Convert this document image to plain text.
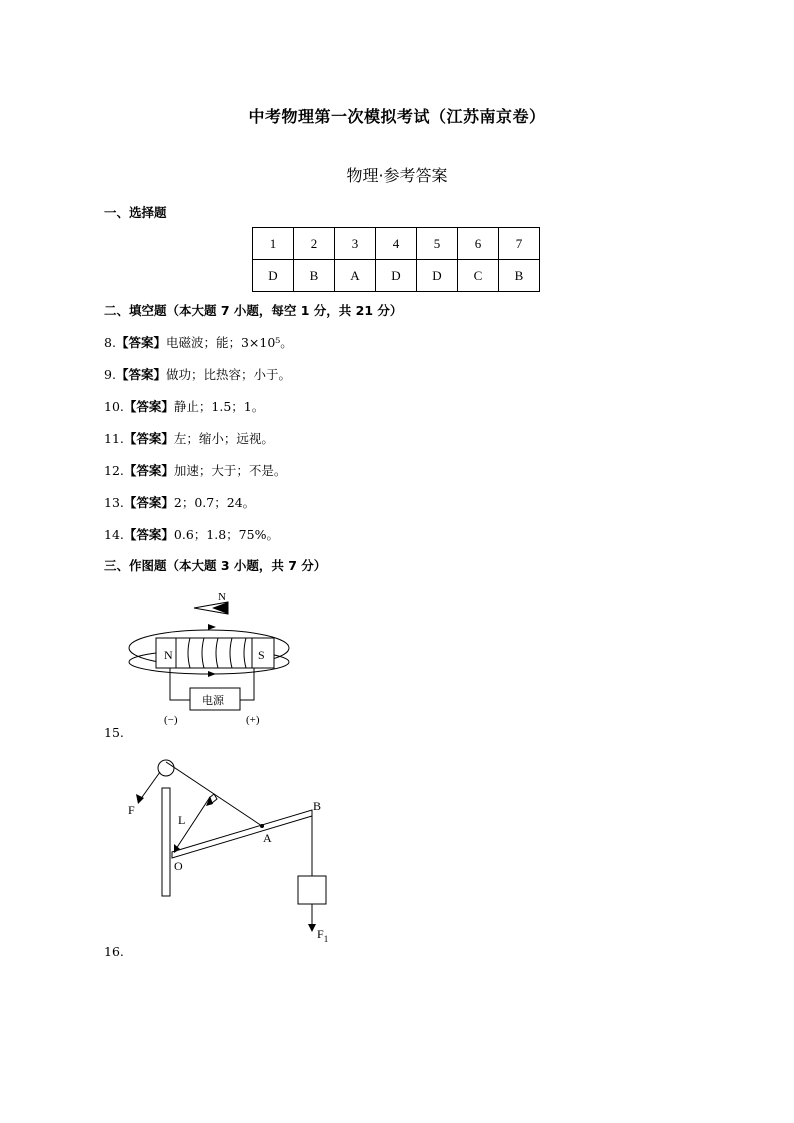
中考物理第一次模拟考试（江苏南京卷）
物理·参考答案
一、选择题
1	2	3	4	5	6	7
D	B	A	D	D	C	B
二、填空题（本大题 7 小题，每空 1 分，共 21 分）
8.【答案】电磁波；能；3×10⁵。
9.【答案】做功；比热容；小于。
10.【答案】静止；1.5；1。
11.【答案】左；缩小；远视。
12.【答案】加速；大于；不是。
13.【答案】2；0.7；24。
14.【答案】0.6；1.8；75%。
三、作图题（本大题 3 小题，共 7 分）
N
N	S
电源
(−)	(+)
15.
F
L
O
A
B
$F_1$
16.
